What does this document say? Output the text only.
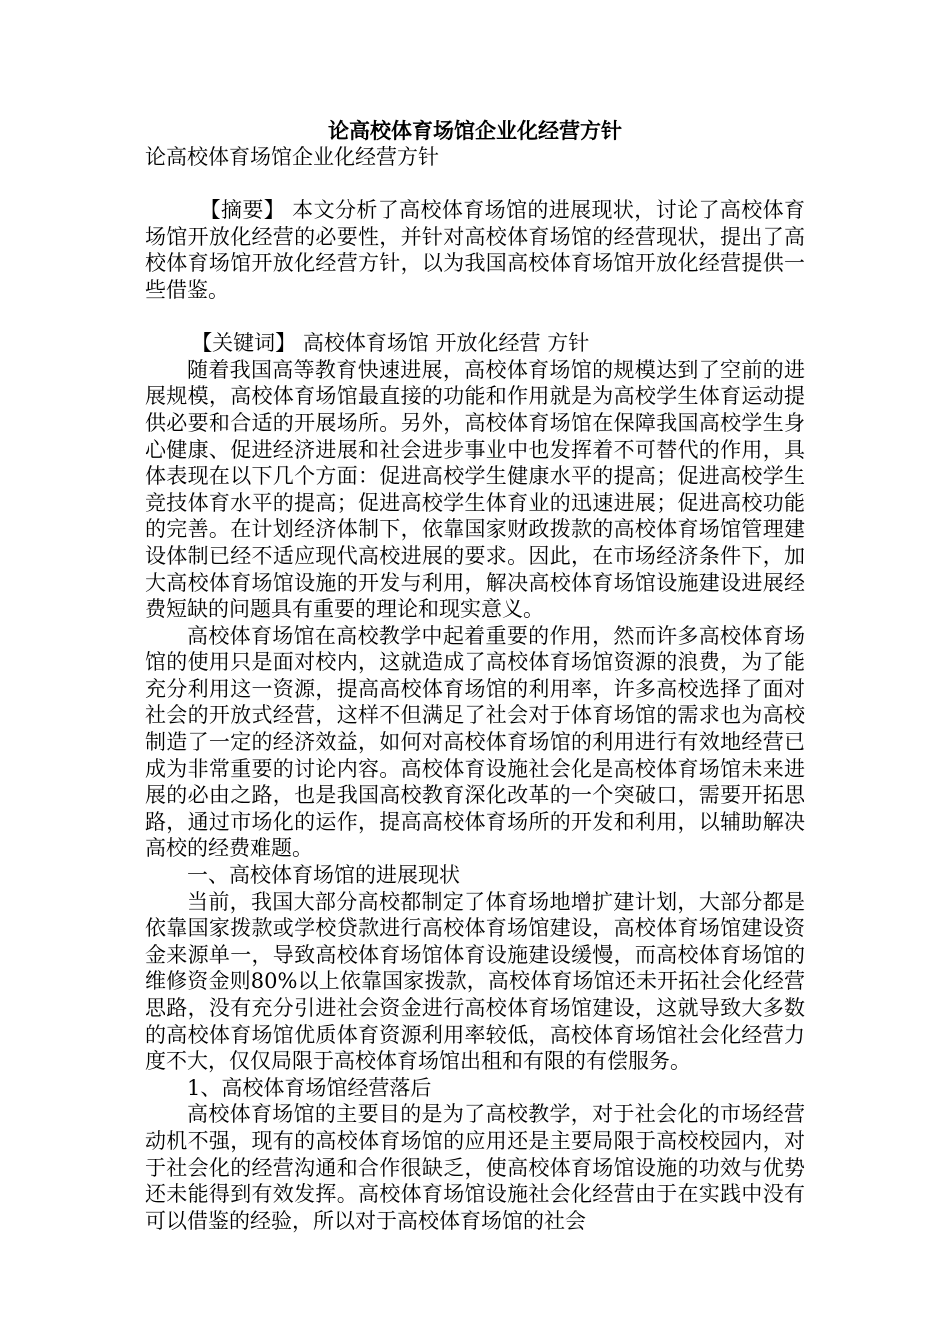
论高校体育场馆企业化经营方针

论高校体育场馆企业化经营方针

【摘要】 本文分析了高校体育场馆的进展现状，讨论了高校体育场馆开放化经营的必要性，并针对高校体育场馆的经营现状，提出了高校体育场馆开放化经营方针，以为我国高校体育场馆开放化经营提供一些借鉴。

【关键词】 高校体育场馆 开放化经营 方针

随着我国高等教育快速进展，高校体育场馆的规模达到了空前的进展规模，高校体育场馆最直接的功能和作用就是为高校学生体育运动提供必要和合适的开展场所。另外，高校体育场馆在保障我国高校学生身心健康、促进经济进展和社会进步事业中也发挥着不可替代的作用，具体表现在以下几个方面：促进高校学生健康水平的提高；促进高校学生竞技体育水平的提高；促进高校学生体育业的迅速进展；促进高校功能的完善。在计划经济体制下，依靠国家财政拨款的高校体育场馆管理建设体制已经不适应现代高校进展的要求。因此，在市场经济条件下，加大高校体育场馆设施的开发与利用，解决高校体育场馆设施建设进展经费短缺的问题具有重要的理论和现实意义。

高校体育场馆在高校教学中起着重要的作用，然而许多高校体育场馆的使用只是面对校内，这就造成了高校体育场馆资源的浪费，为了能充分利用这一资源，提高高校体育场馆的利用率，许多高校选择了面对社会的开放式经营，这样不但满足了社会对于体育场馆的需求也为高校制造了一定的经济效益，如何对高校体育场馆的利用进行有效地经营已成为非常重要的讨论内容。高校体育设施社会化是高校体育场馆未来进展的必由之路，也是我国高校教育深化改革的一个突破口，需要开拓思路，通过市场化的运作，提高高校体育场所的开发和利用，以辅助解决高校的经费难题。

一、高校体育场馆的进展现状

当前，我国大部分高校都制定了体育场地增扩建计划，大部分都是依靠国家拨款或学校贷款进行高校体育场馆建设，高校体育场馆建设资金来源单一，导致高校体育场馆体育设施建设缓慢，而高校体育场馆的维修资金则80%以上依靠国家拨款，高校体育场馆还未开拓社会化经营思路，没有充分引进社会资金进行高校体育场馆建设，这就导致大多数的高校体育场馆优质体育资源利用率较低，高校体育场馆社会化经营力度不大，仅仅局限于高校体育场馆出租和有限的有偿服务。

1、高校体育场馆经营落后

高校体育场馆的主要目的是为了高校教学，对于社会化的市场经营动机不强，现有的高校体育场馆的应用还是主要局限于高校校园内，对于社会化的经营沟通和合作很缺乏，使高校体育场馆设施的功效与优势还未能得到有效发挥。高校体育场馆设施社会化经营由于在实践中没有可以借鉴的经验，所以对于高校体育场馆的社会
